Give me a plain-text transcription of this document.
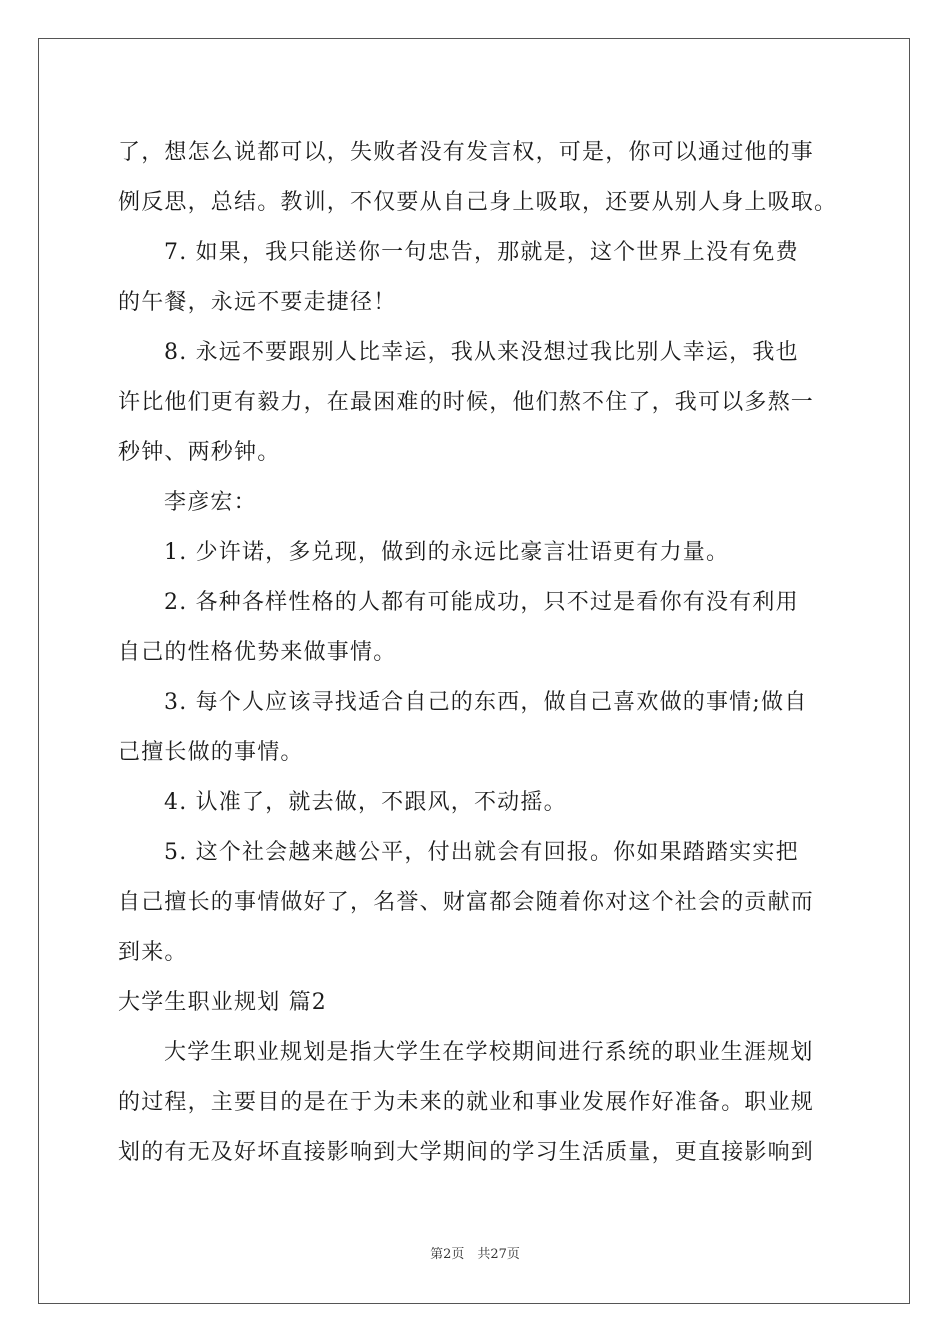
了，想怎么说都可以，失败者没有发言权，可是，你可以通过他的事
例反思，总结。教训，不仅要从自己身上吸取，还要从别人身上吸取。
7. 如果，我只能送你一句忠告，那就是，这个世界上没有免费
的午餐，永远不要走捷径！
8. 永远不要跟别人比幸运，我从来没想过我比别人幸运，我也
许比他们更有毅力，在最困难的时候，他们熬不住了，我可以多熬一
秒钟、两秒钟。
李彦宏：
1. 少许诺，多兑现，做到的永远比豪言壮语更有力量。
2. 各种各样性格的人都有可能成功，只不过是看你有没有利用
自己的性格优势来做事情。
3. 每个人应该寻找适合自己的东西，做自己喜欢做的事情;做自
己擅长做的事情。
4. 认准了，就去做，不跟风，不动摇。
5. 这个社会越来越公平，付出就会有回报。你如果踏踏实实把
自己擅长的事情做好了，名誉、财富都会随着你对这个社会的贡献而
到来。
大学生职业规划 篇2
大学生职业规划是指大学生在学校期间进行系统的职业生涯规划
的过程，主要目的是在于为未来的就业和事业发展作好准备。职业规
划的有无及好坏直接影响到大学期间的学习生活质量，更直接影响到
第2页　共27页
